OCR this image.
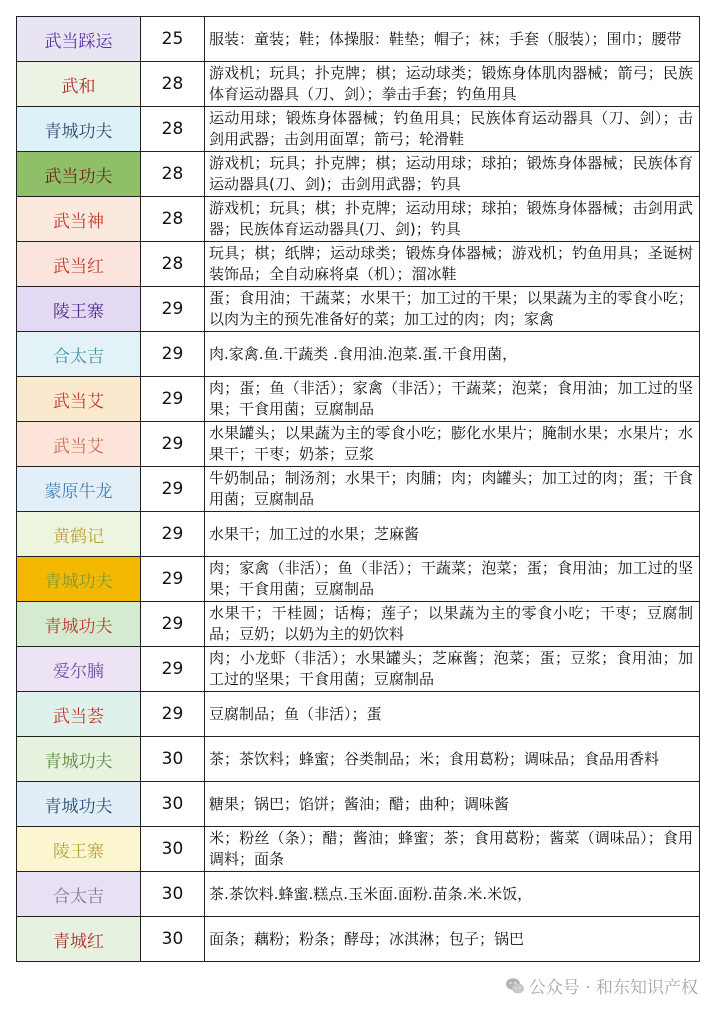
武当踩运	25	服装：童装；鞋；体操服：鞋垫；帽子；袜；手套（服装）；围巾；腰带
武和	28	游戏机；玩具；扑克牌；棋；运动球类；锻炼身体肌肉器械；箭弓；民族体育运动器具（刀、剑）；拳击手套；钓鱼用具
青城功夫	28	运动用球；锻炼身体器械；钓鱼用具；民族体育运动器具（刀、剑）；击剑用武器；击剑用面罩；箭弓；轮滑鞋
武当功夫	28	游戏机；玩具；扑克牌；棋；运动用球；球拍；锻炼身体器械；民族体育运动器具(刀、剑)；击剑用武器；钓具
武当神	28	游戏机；玩具；棋；扑克牌；运动用球；球拍；锻炼身体器械；击剑用武器；民族体育运动器具(刀、剑)；钓具
武当红	28	玩具；棋；纸牌；运动球类；锻炼身体器械；游戏机；钓鱼用具；圣诞树装饰品；全自动麻将桌（机）；溜冰鞋
陵王寨	29	蛋；食用油；干蔬菜；水果干；加工过的干果；以果蔬为主的零食小吃；以肉为主的预先准备好的菜；加工过的肉；肉；家禽
合太吉	29	肉.家禽.鱼.干蔬类 .食用油.泡菜.蛋.干食用菌，
武当艾	29	肉；蛋；鱼（非活）；家禽（非活）；干蔬菜；泡菜；食用油；加工过的坚果；干食用菌；豆腐制品
武当艾	29	水果罐头；以果蔬为主的零食小吃；膨化水果片；腌制水果；水果片；水果干；干枣；奶茶；豆浆
蒙原牛龙	29	牛奶制品；制汤剂；水果干；肉脯；肉；肉罐头；加工过的肉；蛋；干食用菌；豆腐制品
黄鹤记	29	水果干；加工过的水果；芝麻酱
青城功夫	29	肉；家禽（非活）；鱼（非活）；干蔬菜；泡菜；蛋；食用油；加工过的坚果；干食用菌；豆腐制品
青城功夫	29	水果干；干桂圆；话梅；莲子；以果蔬为主的零食小吃；干枣；豆腐制品；豆奶；以奶为主的奶饮料
爱尔腩	29	肉；小龙虾（非活）；水果罐头；芝麻酱；泡菜；蛋；豆浆；食用油；加工过的坚果；干食用菌；豆腐制品
武当荟	29	豆腐制品；鱼（非活）；蛋
青城功夫	30	茶；茶饮料；蜂蜜；谷类制品；米；食用葛粉；调味品；食品用香料
青城功夫	30	糖果；锅巴；馅饼；酱油；醋；曲种；调味酱
陵王寨	30	米；粉丝（条）；醋；酱油；蜂蜜；茶；食用葛粉；酱菜（调味品）；食用调料；面条
合太吉	30	茶.茶饮料.蜂蜜.糕点.玉米面.面粉.苗条.米.米饭，
青城红	30	面条；藕粉；粉条；酵母；冰淇淋；包子；锅巴
公众号 · 和东知识产权
